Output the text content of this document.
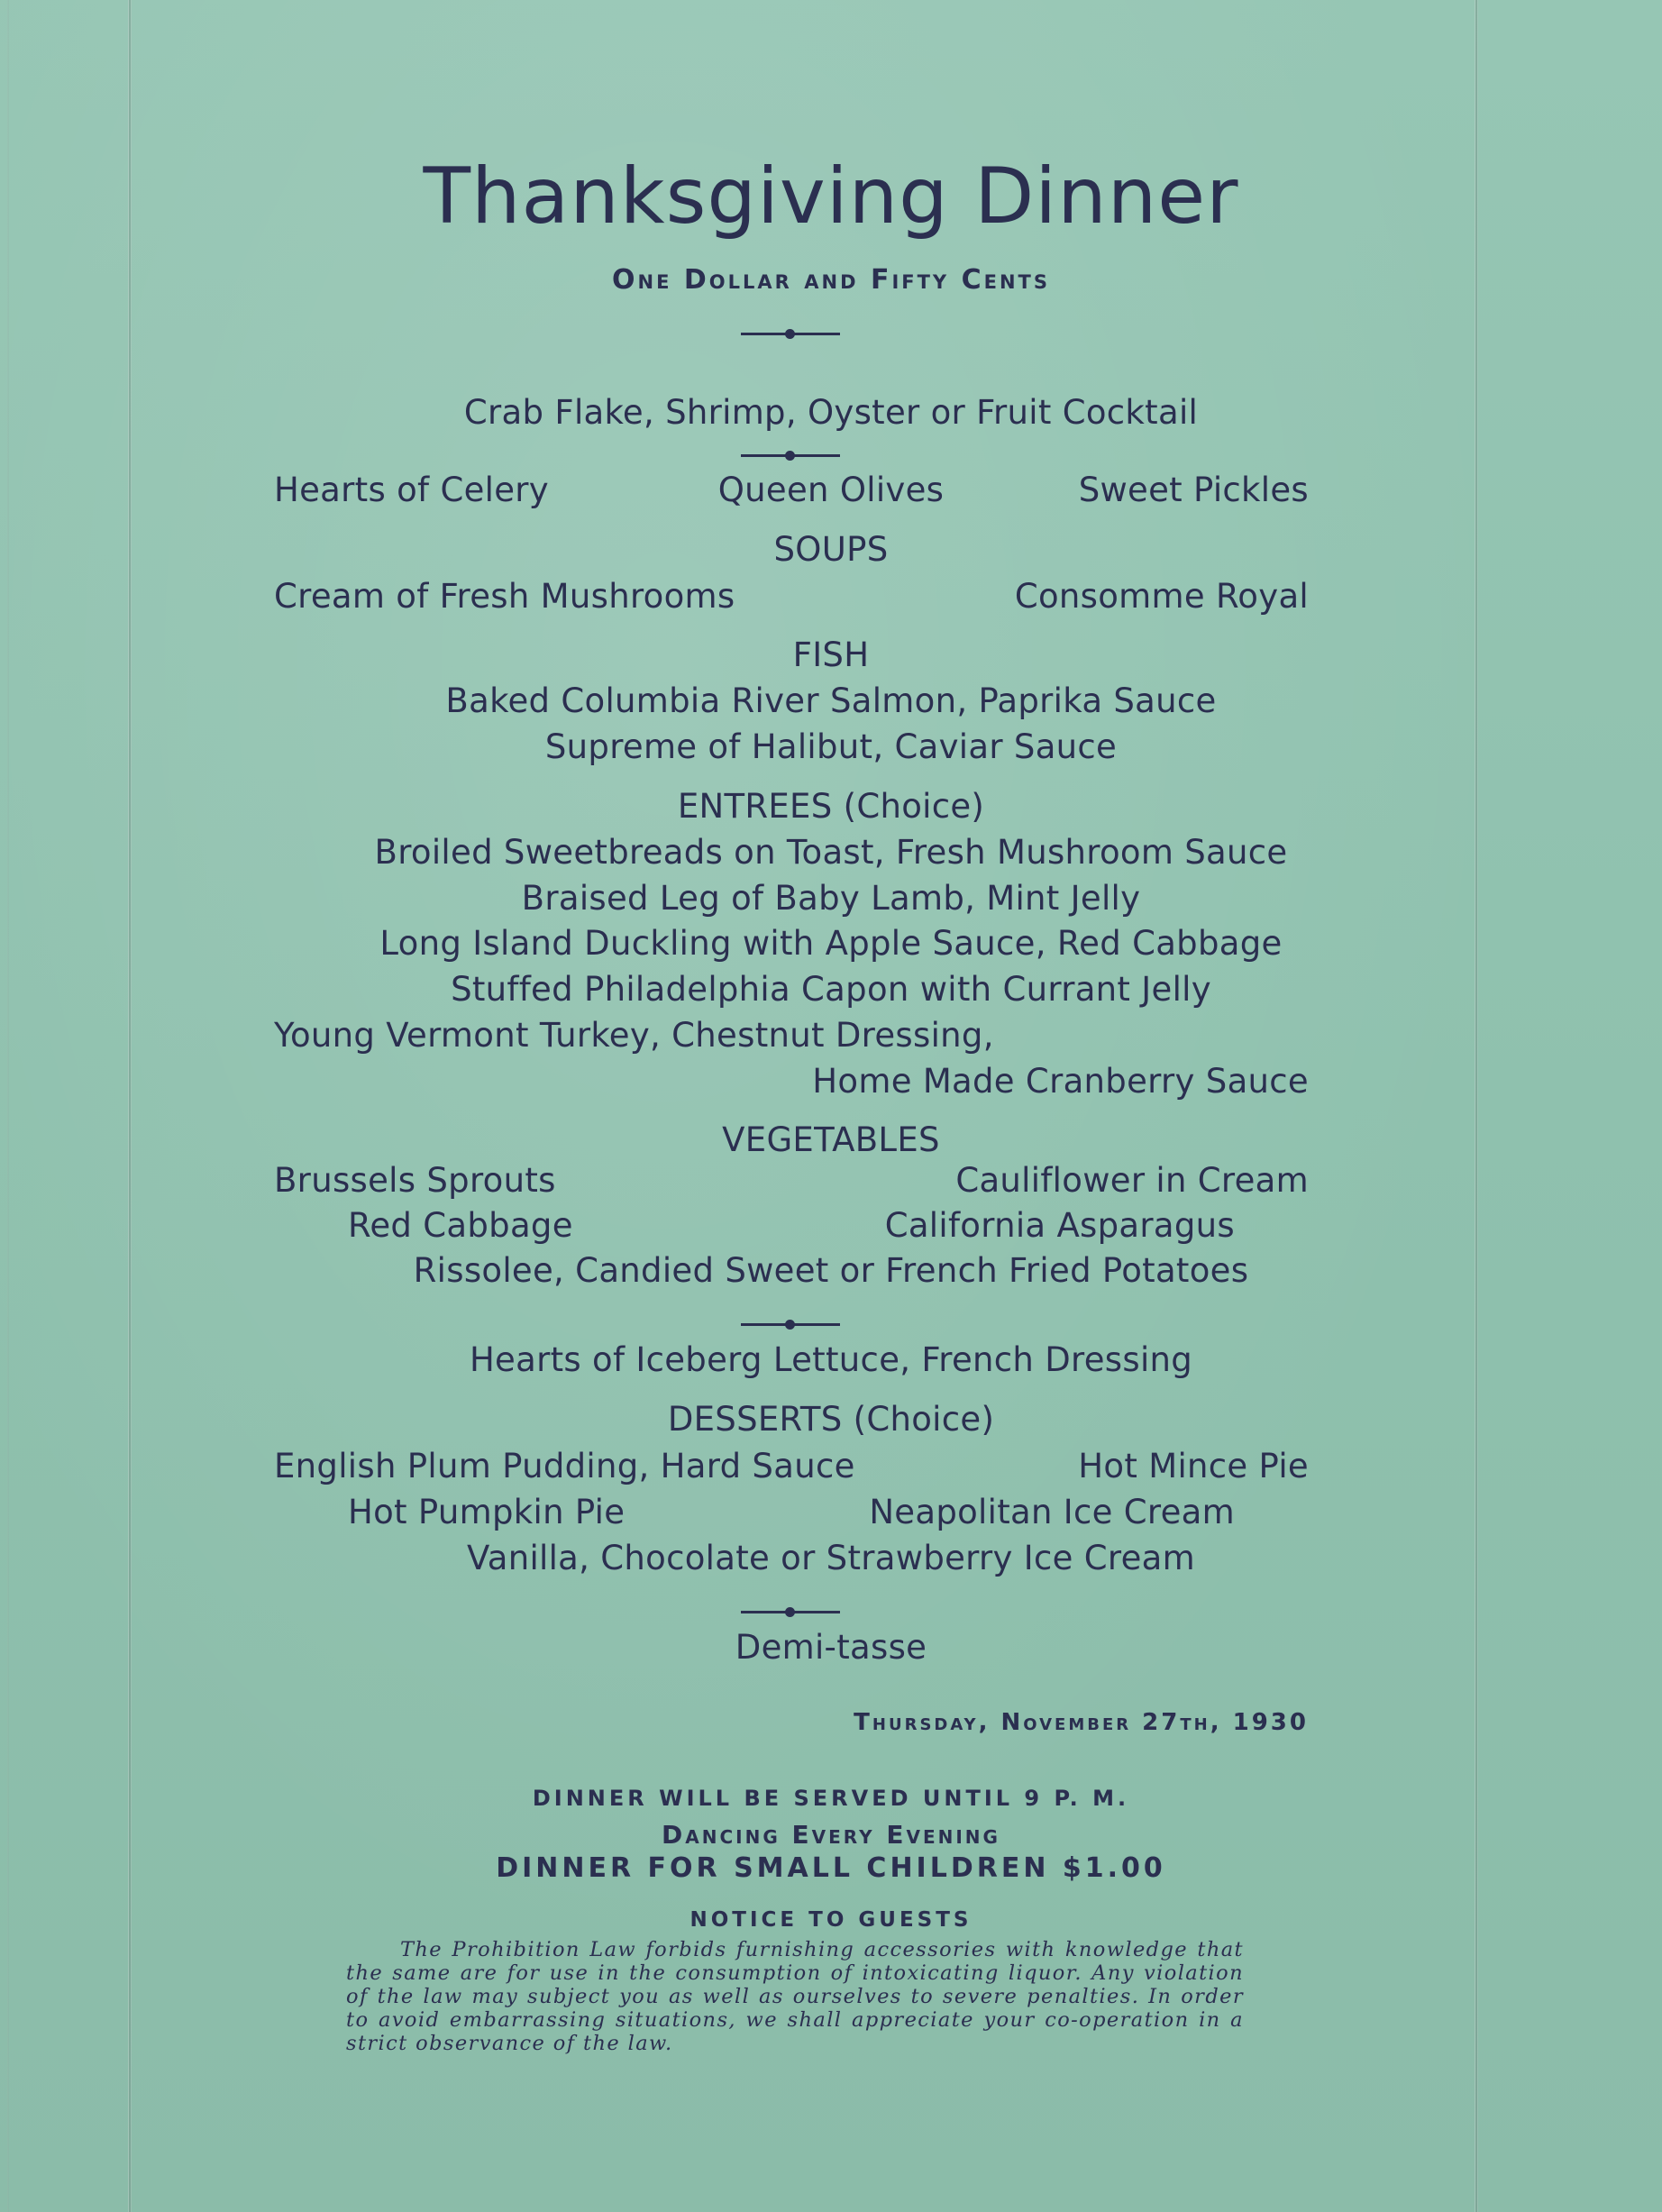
Thanksgiving Dinner
One Dollar and Fifty Cents
Crab Flake, Shrimp, Oyster or Fruit Cocktail
Hearts of Celery	Queen Olives	Sweet Pickles
SOUPS
Cream of Fresh Mushrooms	Consomme Royal
FISH
Baked Columbia River Salmon, Paprika Sauce
Supreme of Halibut, Caviar Sauce
ENTREES (Choice)
Broiled Sweetbreads on Toast, Fresh Mushroom Sauce
Braised Leg of Baby Lamb, Mint Jelly
Long Island Duckling with Apple Sauce, Red Cabbage
Stuffed Philadelphia Capon with Currant Jelly
Young Vermont Turkey, Chestnut Dressing,
Home Made Cranberry Sauce
VEGETABLES
Brussels Sprouts	Cauliflower in Cream
Red Cabbage	California Asparagus
Rissolee, Candied Sweet or French Fried Potatoes
Hearts of Iceberg Lettuce, French Dressing
DESSERTS (Choice)
English Plum Pudding, Hard Sauce	Hot Mince Pie
Hot Pumpkin Pie	Neapolitan Ice Cream
Vanilla, Chocolate or Strawberry Ice Cream
Demi-tasse
Thursday, November 27th, 1930
DINNER WILL BE SERVED UNTIL 9 P. M.
Dancing Every Evening
DINNER FOR SMALL CHILDREN $1.00
NOTICE TO GUESTS
The Prohibition Law forbids furnishing accessories with knowledge that the same are for use in the consumption of intoxicating liquor. Any violation of the law may subject you as well as ourselves to severe penalties. In order to avoid embarrassing situations, we shall appreciate your co-operation in a strict observance of the law.
